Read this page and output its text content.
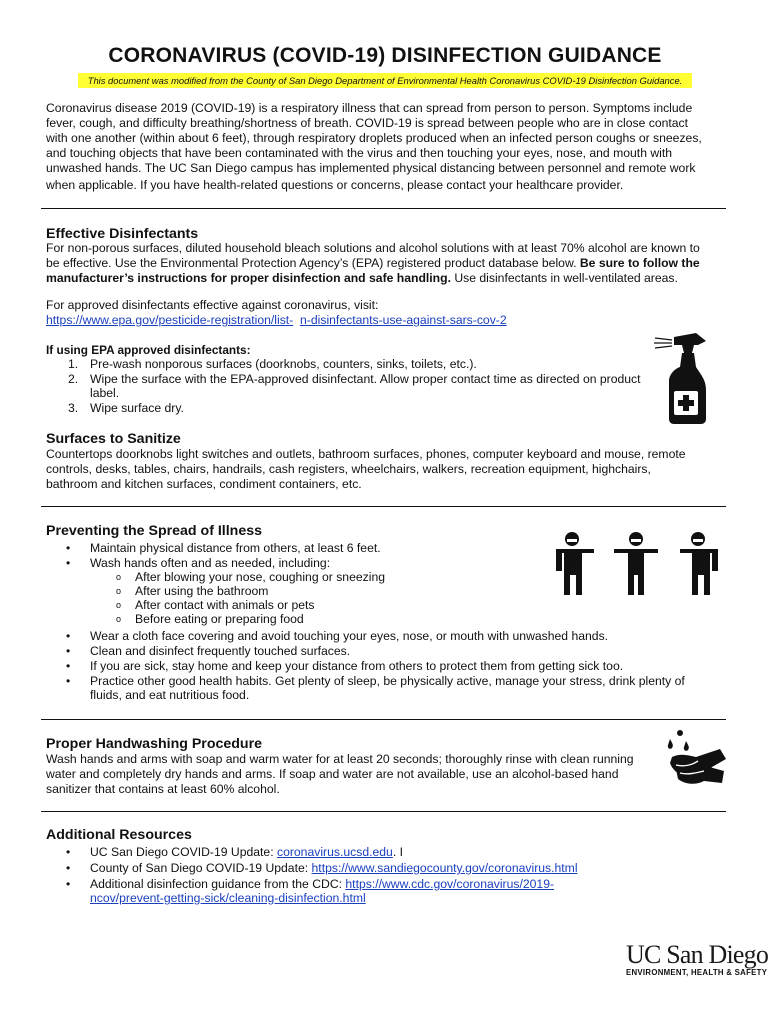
CORONAVIRUS (COVID-19) DISINFECTION GUIDANCE
This document was modified from the County of San Diego Department of Environmental Health Coronavirus COVID-19 Disinfection Guidance.
Coronavirus disease 2019 (COVID-19) is a respiratory illness that can spread from person to person. Symptoms include
fever, cough, and difficulty breathing/shortness of breath. COVID-19 is spread between people who are in close contact
with one another (within about 6 feet), through respiratory droplets produced when an infected person coughs or sneezes,
and touching objects that have been contaminated with the virus and then touching your eyes, nose, and mouth with
unwashed hands. The UC San Diego campus has implemented physical distancing between personnel and remote work
when applicable. If you have health-related questions or concerns, please contact your healthcare provider.
Effective Disinfectants
For non-porous surfaces, diluted household bleach solutions and alcohol solutions with at least 70% alcohol are known to
be effective. Use the Environmental Protection Agency’s (EPA) registered product database below. Be sure to follow the
manufacturer’s instructions for proper disinfection and safe handling. Use disinfectants in well-ventilated areas.
For approved disinfectants effective against coronavirus, visit:
https://www.epa.gov/pesticide-registration/list- n-disinfectants-use-against-sars-cov-2
If using EPA approved disinfectants:
1. Pre-wash nonporous surfaces (doorknobs, counters, sinks, toilets, etc.).
2. Wipe the surface with the EPA-approved disinfectant. Allow proper contact time as directed on product
label.
3. Wipe surface dry.
Surfaces to Sanitize
Countertops doorknobs light switches and outlets, bathroom surfaces, phones, computer keyboard and mouse, remote
controls, desks, tables, chairs, handrails, cash registers, wheelchairs, walkers, recreation equipment, highchairs,
bathroom and kitchen surfaces, condiment containers, etc.
Preventing the Spread of Illness
• Maintain physical distance from others, at least 6 feet.
• Wash hands often and as needed, including:
o After blowing your nose, coughing or sneezing
o After using the bathroom
o After contact with animals or pets
o Before eating or preparing food
• Wear a cloth face covering and avoid touching your eyes, nose, or mouth with unwashed hands.
• Clean and disinfect frequently touched surfaces.
• If you are sick, stay home and keep your distance from others to protect them from getting sick too.
• Practice other good health habits. Get plenty of sleep, be physically active, manage your stress, drink plenty of
fluids, and eat nutritious food.
Proper Handwashing Procedure
Wash hands and arms with soap and warm water for at least 20 seconds; thoroughly rinse with clean running
water and completely dry hands and arms. If soap and water are not available, use an alcohol-based hand
sanitizer that contains at least 60% alcohol.
Additional Resources
• UC San Diego COVID-19 Update: coronavirus.ucsd.edu. I
• County of San Diego COVID-19 Update: https://www.sandiegocounty.gov/coronavirus.html
• Additional disinfection guidance from the CDC: https://www.cdc.gov/coronavirus/2019-
ncov/prevent-getting-sick/cleaning-disinfection.html
UC San Diego
ENVIRONMENT, HEALTH & SAFETY
